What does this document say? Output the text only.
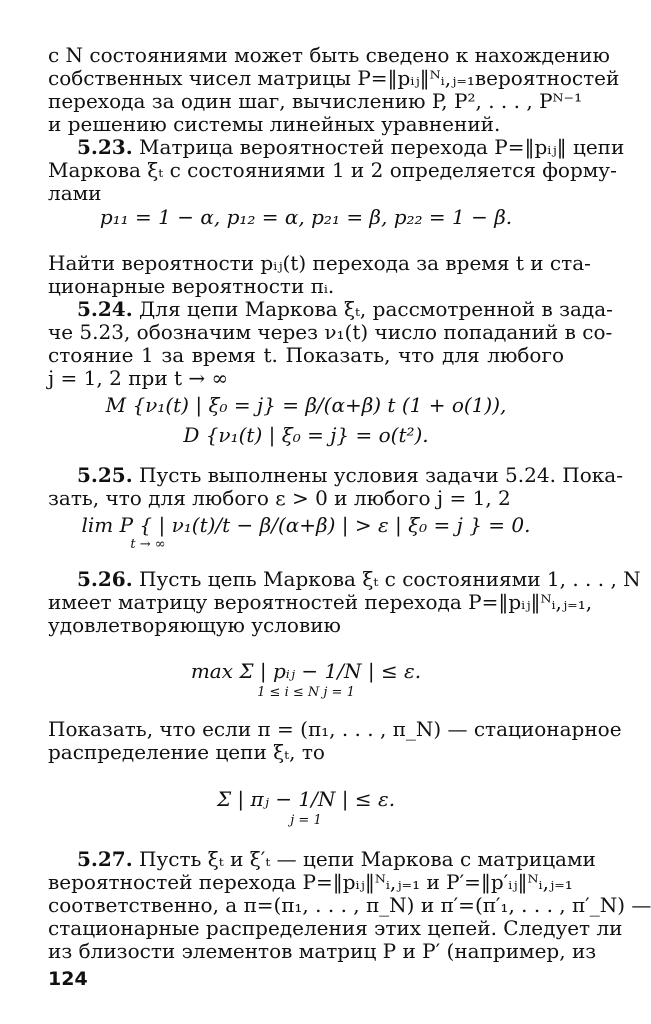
с N состояниями может быть сведено к нахождению
собственных чисел матрицы P=‖pᵢⱼ‖ᴺᵢ,ⱼ₌₁вероятностей
перехода за один шаг, вычислению P, P², . . . , Pᴺ⁻¹
и решению системы линейных уравнений.
5.23. Матрица вероятностей перехода P=‖pᵢⱼ‖ цепи
Маркова ξₜ с состояниями 1 и 2 определяется форму-
лами
p₁₁ = 1 − α, p₁₂ = α, p₂₁ = β, p₂₂ = 1 − β.
Найти вероятности pᵢⱼ(t) перехода за время t и ста-
ционарные вероятности πᵢ.
5.24. Для цепи Маркова ξₜ, рассмотренной в зада-
че 5.23, обозначим через ν₁(t) число попаданий в со-
стояние 1 за время t. Показать, что для любого
j = 1, 2 при t → ∞
M {ν₁(t) | ξ₀ = j} = β/(α+β) t (1 + o(1)),
D {ν₁(t) | ξ₀ = j} = o(t²).
5.25. Пусть выполнены условия задачи 5.24. Пока-
зать, что для любого ε > 0 и любого j = 1, 2
lim P { | ν₁(t)/t − β/(α+β) | > ε | ξ₀ = j } = 0.
t → ∞
5.26. Пусть цепь Маркова ξₜ с состояниями 1, . . . , N
имеет матрицу вероятностей перехода P=‖pᵢⱼ‖ᴺᵢ,ⱼ₌₁,
удовлетворяющую условию
max Σ | pᵢⱼ − 1/N | ≤ ε.
1 ≤ i ≤ N j = 1
Показать, что если π = (π₁, . . . , π_N) — стационарное
распределение цепи ξₜ, то
Σ | πⱼ − 1/N | ≤ ε.
j = 1
5.27. Пусть ξₜ и ξ′ₜ — цепи Маркова с матрицами
вероятностей перехода P=‖pᵢⱼ‖ᴺᵢ,ⱼ₌₁ и P′=‖p′ᵢⱼ‖ᴺᵢ,ⱼ₌₁
соответственно, а π=(π₁, . . . , π_N) и π′=(π′₁, . . . , π′_N) —
стационарные распределения этих цепей. Следует ли
из близости элементов матриц P и P′ (например, из
124
